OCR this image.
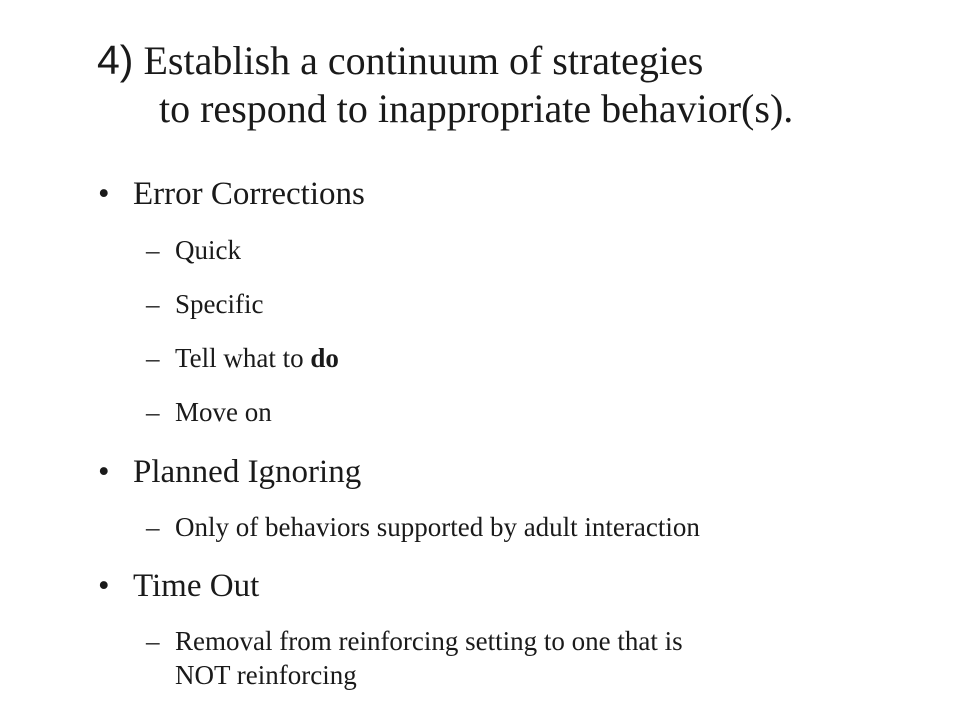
4) Establish a continuum of strategies
to respond to inappropriate behavior(s).
• Error Corrections
– Quick
– Specific
– Tell what to do
– Move on
• Planned Ignoring
– Only of behaviors supported by adult interaction
• Time Out
– Removal from reinforcing setting to one that is
NOT reinforcing
